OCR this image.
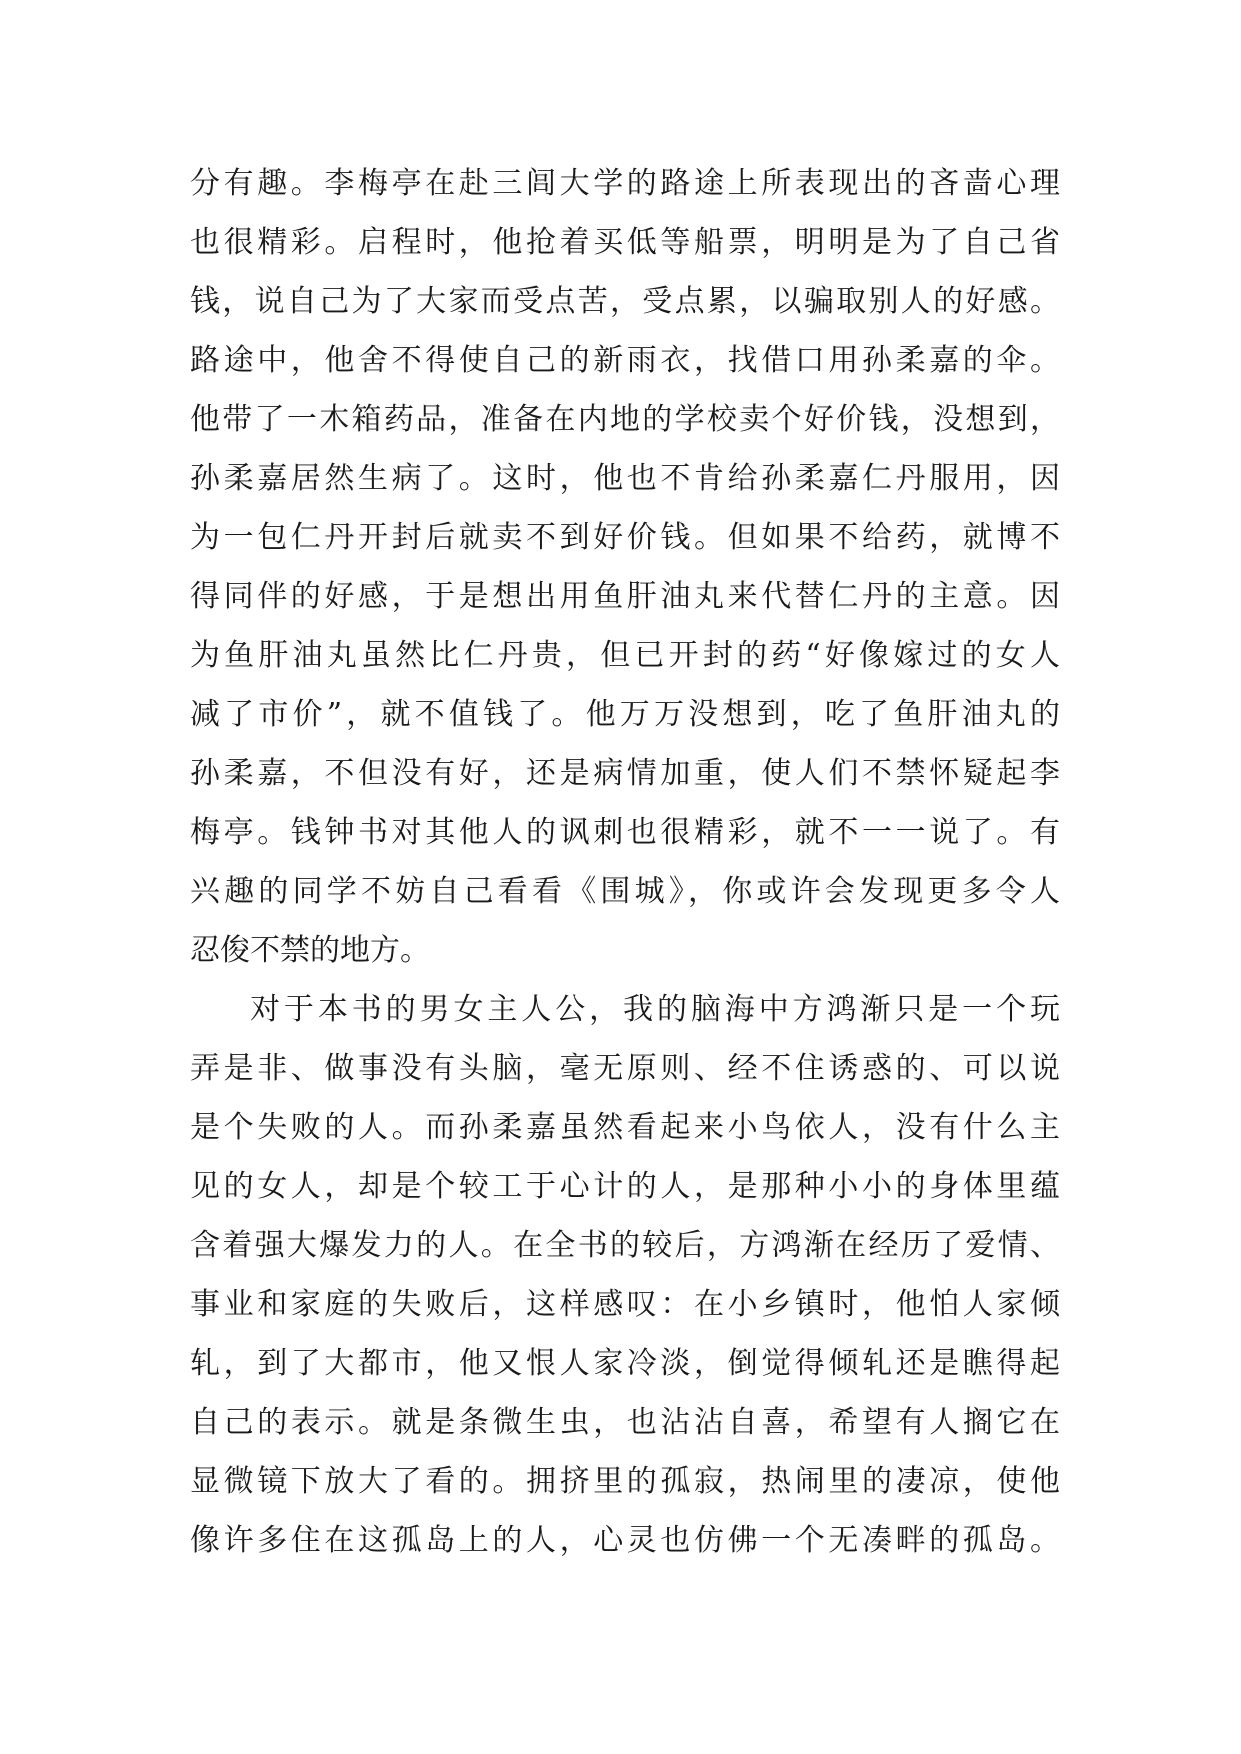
分有趣。李梅亭在赴三闾大学的路途上所表现出的吝啬心理
也很精彩。启程时，他抢着买低等船票，明明是为了自己省
钱，说自己为了大家而受点苦，受点累，以骗取别人的好感。
路途中，他舍不得使自己的新雨衣，找借口用孙柔嘉的伞。
他带了一木箱药品，准备在内地的学校卖个好价钱，没想到，
孙柔嘉居然生病了。这时，他也不肯给孙柔嘉仁丹服用，因
为一包仁丹开封后就卖不到好价钱。但如果不给药，就博不
得同伴的好感，于是想出用鱼肝油丸来代替仁丹的主意。因
为鱼肝油丸虽然比仁丹贵，但已开封的药“好像嫁过的女人
减了市价”，就不值钱了。他万万没想到，吃了鱼肝油丸的
孙柔嘉，不但没有好，还是病情加重，使人们不禁怀疑起李
梅亭。钱钟书对其他人的讽刺也很精彩，就不一一说了。有
兴趣的同学不妨自己看看《围城》，你或许会发现更多令人
忍俊不禁的地方。
对于本书的男女主人公，我的脑海中方鸿渐只是一个玩
弄是非、做事没有头脑，毫无原则、经不住诱惑的、可以说
是个失败的人。而孙柔嘉虽然看起来小鸟依人，没有什么主
见的女人，却是个较工于心计的人，是那种小小的身体里蕴
含着强大爆发力的人。在全书的较后，方鸿渐在经历了爱情、
事业和家庭的失败后，这样感叹：在小乡镇时，他怕人家倾
轧，到了大都市，他又恨人家冷淡，倒觉得倾轧还是瞧得起
自己的表示。就是条微生虫，也沾沾自喜，希望有人搁它在
显微镜下放大了看的。拥挤里的孤寂，热闹里的凄凉，使他
像许多住在这孤岛上的人，心灵也仿佛一个无凑畔的孤岛。
